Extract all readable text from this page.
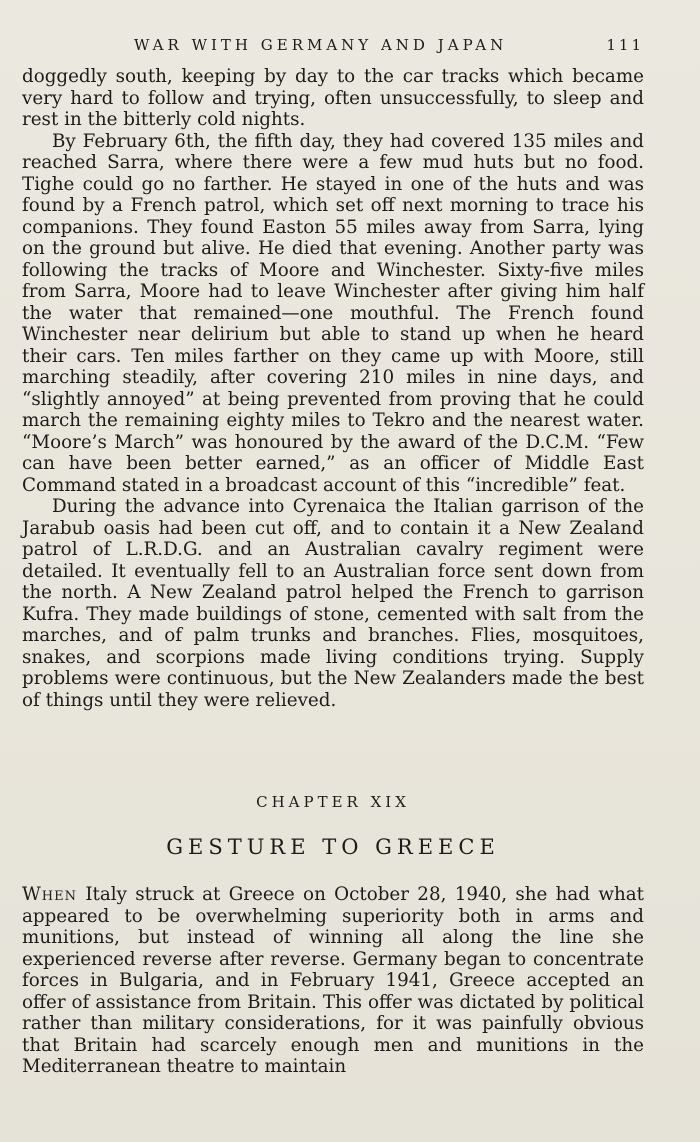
WAR WITH GERMANY AND JAPAN	111

doggedly south, keeping by day to the car tracks which became very hard to follow and trying, often unsuccessfully, to sleep and rest in the bitterly cold nights.

By February 6th, the fifth day, they had covered 135 miles and reached Sarra, where there were a few mud huts but no food. Tighe could go no farther. He stayed in one of the huts and was found by a French patrol, which set off next morning to trace his companions. They found Easton 55 miles away from Sarra, lying on the ground but alive. He died that evening. Another party was following the tracks of Moore and Winchester. Sixty-five miles from Sarra, Moore had to leave Winchester after giving him half the water that remained—one mouthful. The French found Winchester near delirium but able to stand up when he heard their cars. Ten miles farther on they came up with Moore, still marching steadily, after covering 210 miles in nine days, and “slightly annoyed” at being prevented from proving that he could march the remaining eighty miles to Tekro and the nearest water. “Moore’s March” was honoured by the award of the D.C.M. “Few can have been better earned,” as an officer of Middle East Command stated in a broadcast account of this “incredible” feat.

During the advance into Cyrenaica the Italian garrison of the Jarabub oasis had been cut off, and to contain it a New Zealand patrol of L.R.D.G. and an Australian cavalry regiment were detailed. It eventually fell to an Australian force sent down from the north. A New Zealand patrol helped the French to garrison Kufra. They made buildings of stone, cemented with salt from the marches, and of palm trunks and branches. Flies, mosquitoes, snakes, and scorpions made living conditions trying. Supply problems were continuous, but the New Zealanders made the best of things until they were relieved.

CHAPTER XIX
GESTURE TO GREECE

When Italy struck at Greece on October 28, 1940, she had what appeared to be overwhelming superiority both in arms and munitions, but instead of winning all along the line she experienced reverse after reverse. Germany began to concentrate forces in Bulgaria, and in February 1941, Greece accepted an offer of assistance from Britain. This offer was dictated by political rather than military considerations, for it was painfully obvious that Britain had scarcely enough men and munitions in the Mediterranean theatre to maintain
